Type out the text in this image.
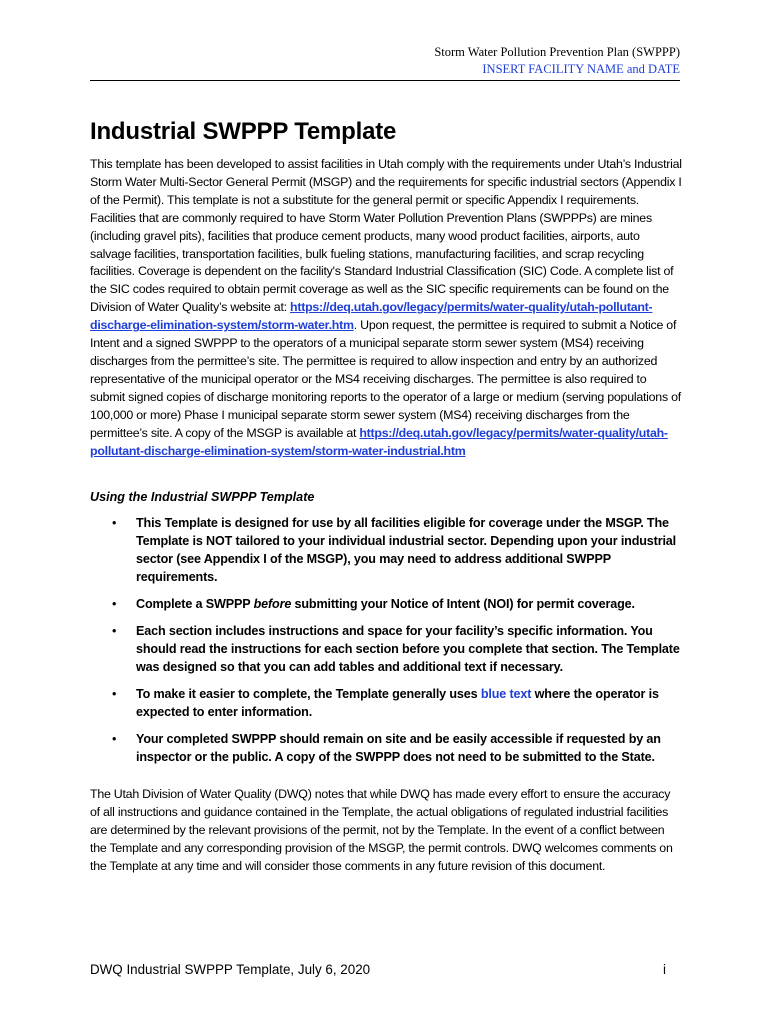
Storm Water Pollution Prevention Plan (SWPPP)
INSERT FACILITY NAME and DATE
Industrial SWPPP Template

This template has been developed to assist facilities in Utah comply with the requirements under Utah’s Industrial Storm Water Multi-Sector General Permit (MSGP) and the requirements for specific industrial sectors (Appendix I of the Permit). This template is not a substitute for the general permit or specific Appendix I requirements. Facilities that are commonly required to have Storm Water Pollution Prevention Plans (SWPPPs) are mines (including gravel pits), facilities that produce cement products, many wood product facilities, airports, auto salvage facilities, transportation facilities, bulk fueling stations, manufacturing facilities, and scrap recycling facilities. Coverage is dependent on the facility's Standard Industrial Classification (SIC) Code. A complete list of the SIC codes required to obtain permit coverage as well as the SIC specific requirements can be found on the Division of Water Quality’s website at: https://deq.utah.gov/legacy/permits/water-quality/utah-pollutant-discharge-elimination-system/storm-water.htm. Upon request, the permittee is required to submit a Notice of Intent and a signed SWPPP to the operators of a municipal separate storm sewer system (MS4) receiving discharges from the permittee’s site. The permittee is required to allow inspection and entry by an authorized representative of the municipal operator or the MS4 receiving discharges. The permittee is also required to submit signed copies of discharge monitoring reports to the operator of a large or medium (serving populations of 100,000 or more) Phase I municipal separate storm sewer system (MS4) receiving discharges from the permittee’s site. A copy of the MSGP is available at https://deq.utah.gov/legacy/permits/water-quality/utah-pollutant-discharge-elimination-system/storm-water-industrial.htm

Using the Industrial SWPPP Template
• This Template is designed for use by all facilities eligible for coverage under the MSGP. The Template is NOT tailored to your individual industrial sector. Depending upon your industrial sector (see Appendix I of the MSGP), you may need to address additional SWPPP requirements.
• Complete a SWPPP before submitting your Notice of Intent (NOI) for permit coverage.
• Each section includes instructions and space for your facility’s specific information. You should read the instructions for each section before you complete that section. The Template was designed so that you can add tables and additional text if necessary.
• To make it easier to complete, the Template generally uses blue text where the operator is expected to enter information.
• Your completed SWPPP should remain on site and be easily accessible if requested by an inspector or the public. A copy of the SWPPP does not need to be submitted to the State.

The Utah Division of Water Quality (DWQ) notes that while DWQ has made every effort to ensure the accuracy of all instructions and guidance contained in the Template, the actual obligations of regulated industrial facilities are determined by the relevant provisions of the permit, not by the Template. In the event of a conflict between the Template and any corresponding provision of the MSGP, the permit controls. DWQ welcomes comments on the Template at any time and will consider those comments in any future revision of this document.

DWQ Industrial SWPPP Template, July 6, 2020	i
